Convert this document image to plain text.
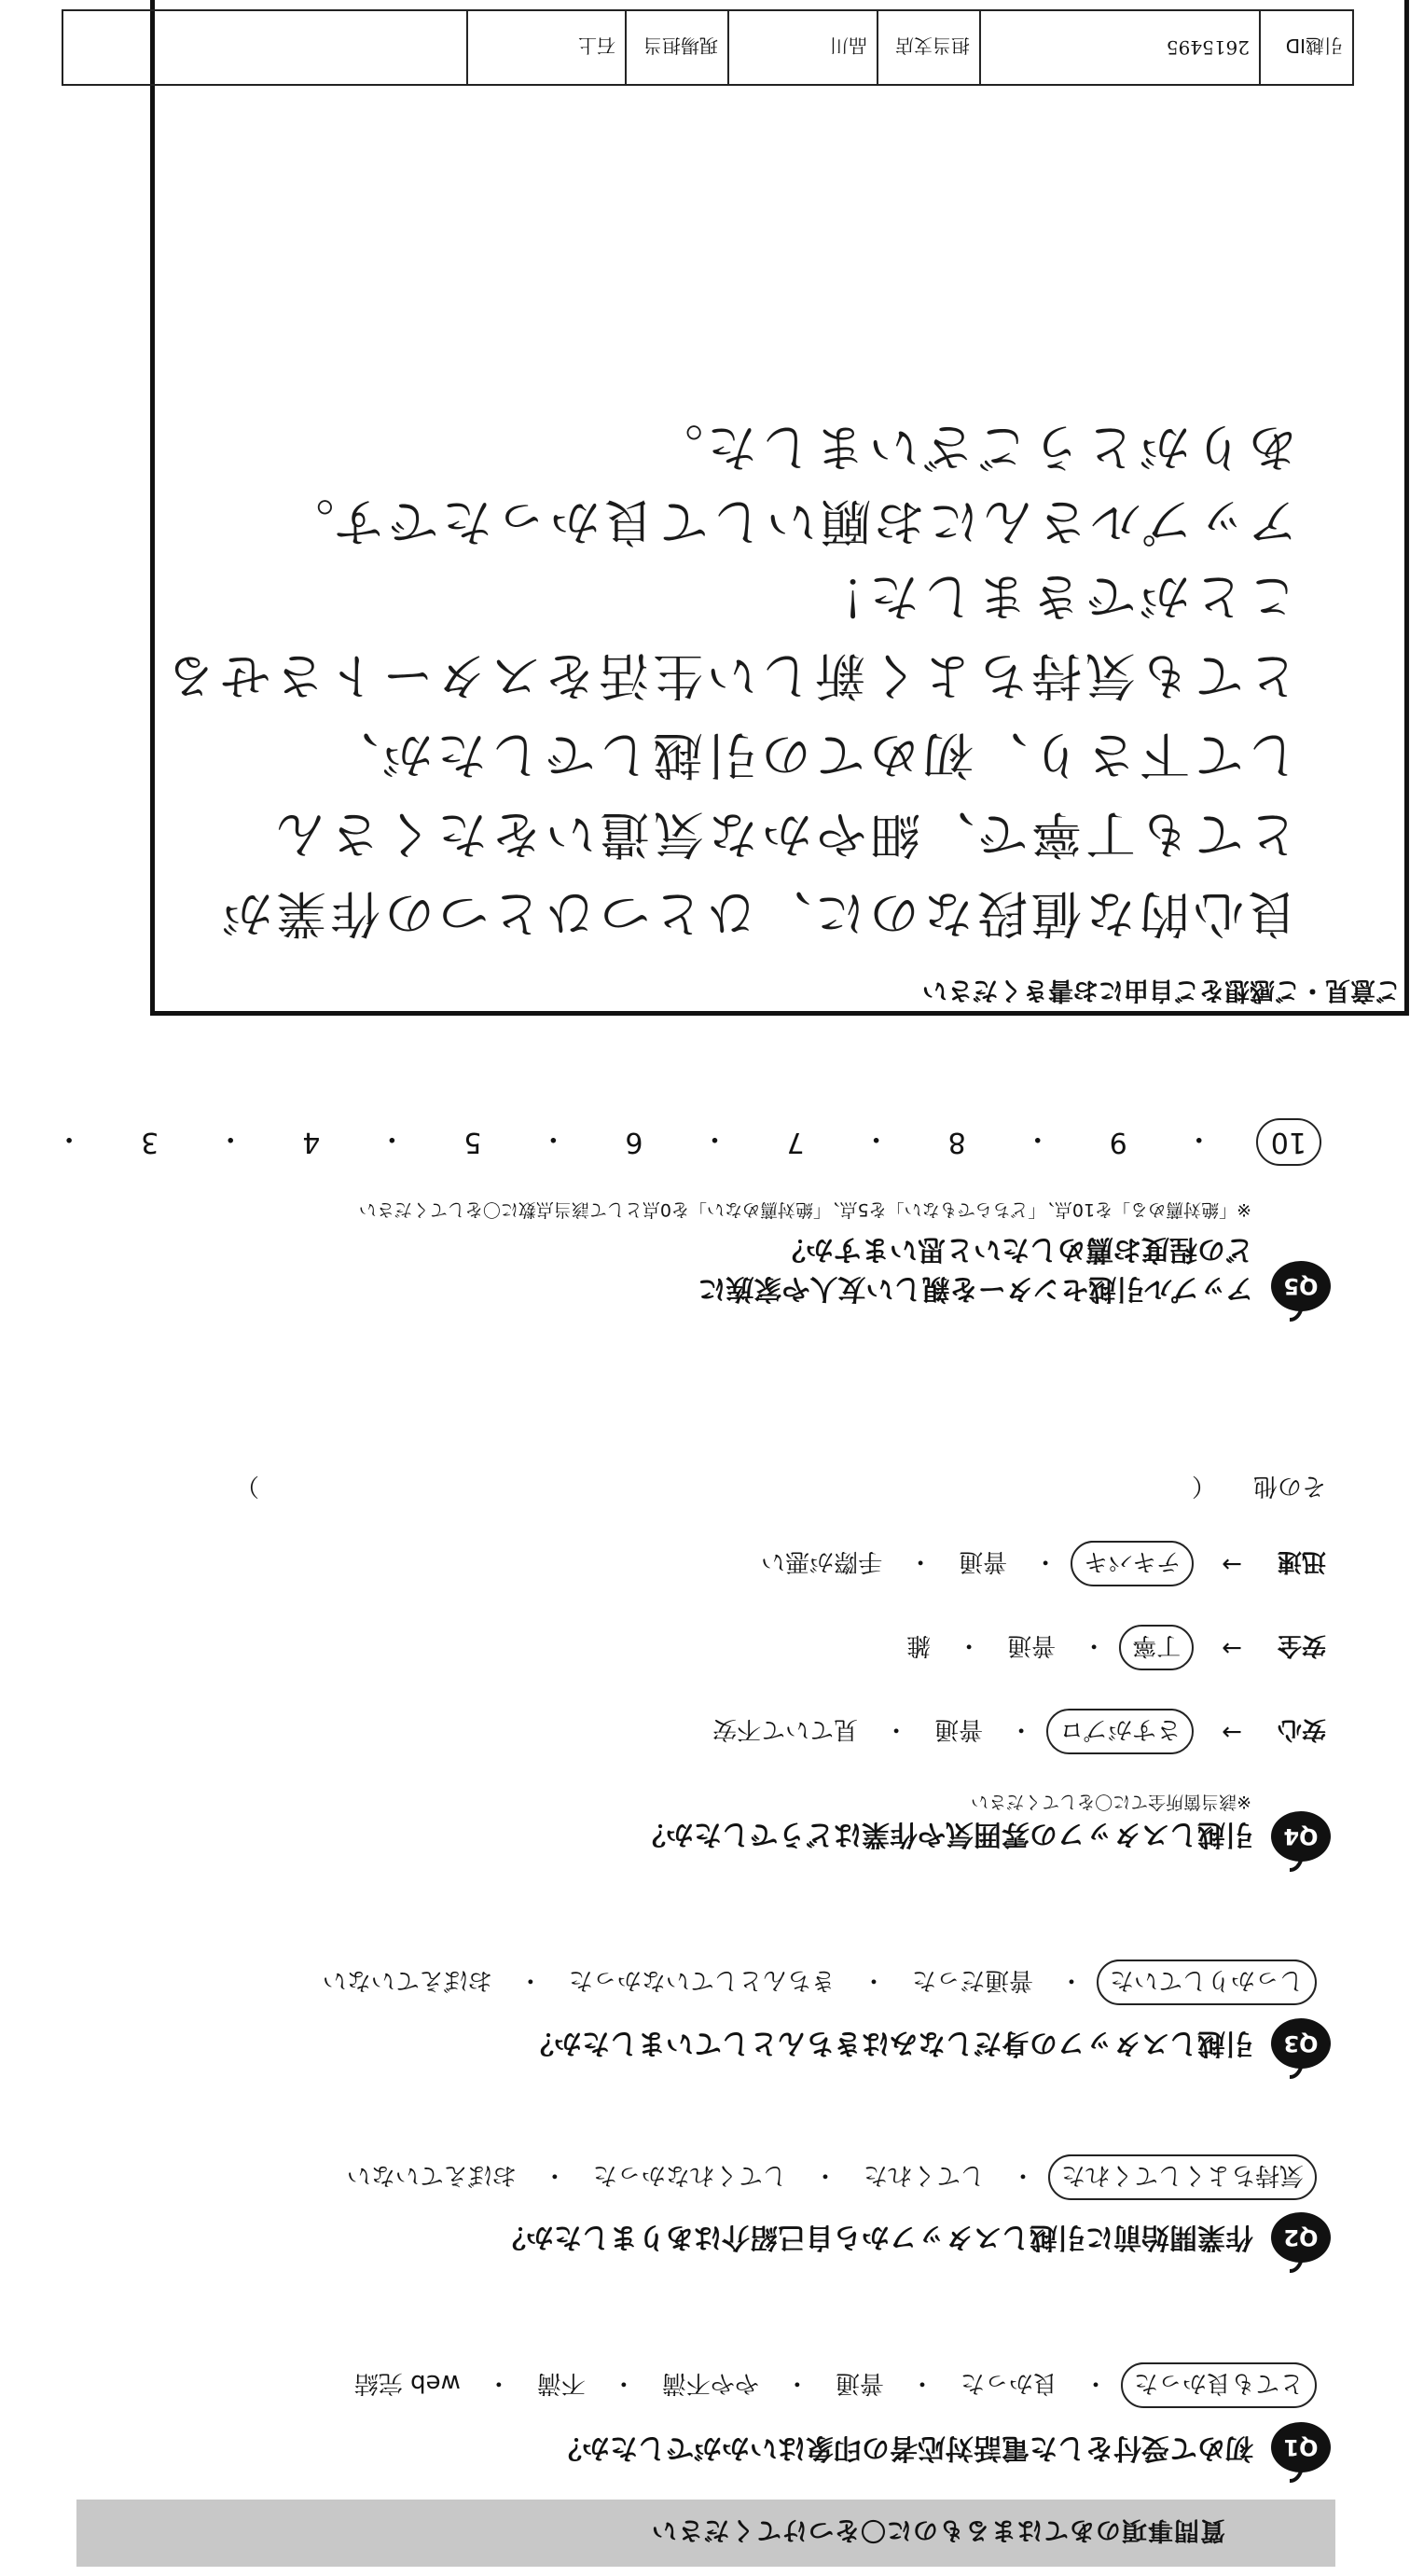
質問事項のあてはまるものに〇をつけてください
Q1
初めて受付をした電話対応者の印象はいかがでしたか？
とても良かった
・
良かった
・
普通
・
やや不満
・
不満
・
web 完結
Q2
作業開始前に引越しスタッフから自己紹介はありましたか？
気持ちよくしてくれた
・
してくれた
・
してくれなかった
・
おぼえていない
Q3
引越しスタッフの身だしなみはきちんとしていましたか？
しっかりしていた
・
普通だった
・
きちんとしていなかった
・
おぼえていない
Q4
引越しスタッフの雰囲気や作業はどうでしたか？
※該当箇所全てに〇をしてください
安心
→
さすがプロ
・
普通
・
見ていて不安
安全
→
丁寧
・
普通
・
雑
迅速
→
テキパキ
・
普通
・
手際が悪い
その他
（
）
Q5
アップル引越センターを親しい友人や家族に
どの程度お薦めしたいと思いますか？
※「絶対薦める」を10点、「どちらでもない」を5点、「絶対薦めない」を0点として該当点数に〇をしてください
10
・
9
・
8
・
7
・
6
・
5
・
4
・
3
・
ご意見・ご感想をご自由にお書きください
良心的な値段なのに、ひとつひとつの作業が
とても丁寧で、細やかな気遣いをたくさん
して下さり、初めての引越しでしたが、
とても気持ちよく新しい生活をスタートさせる
ことができました！
アップルさんにお願いして良かったです。
ありがとうございました。
引越ID
2615495
担当支店
品川
現場担当
石上
